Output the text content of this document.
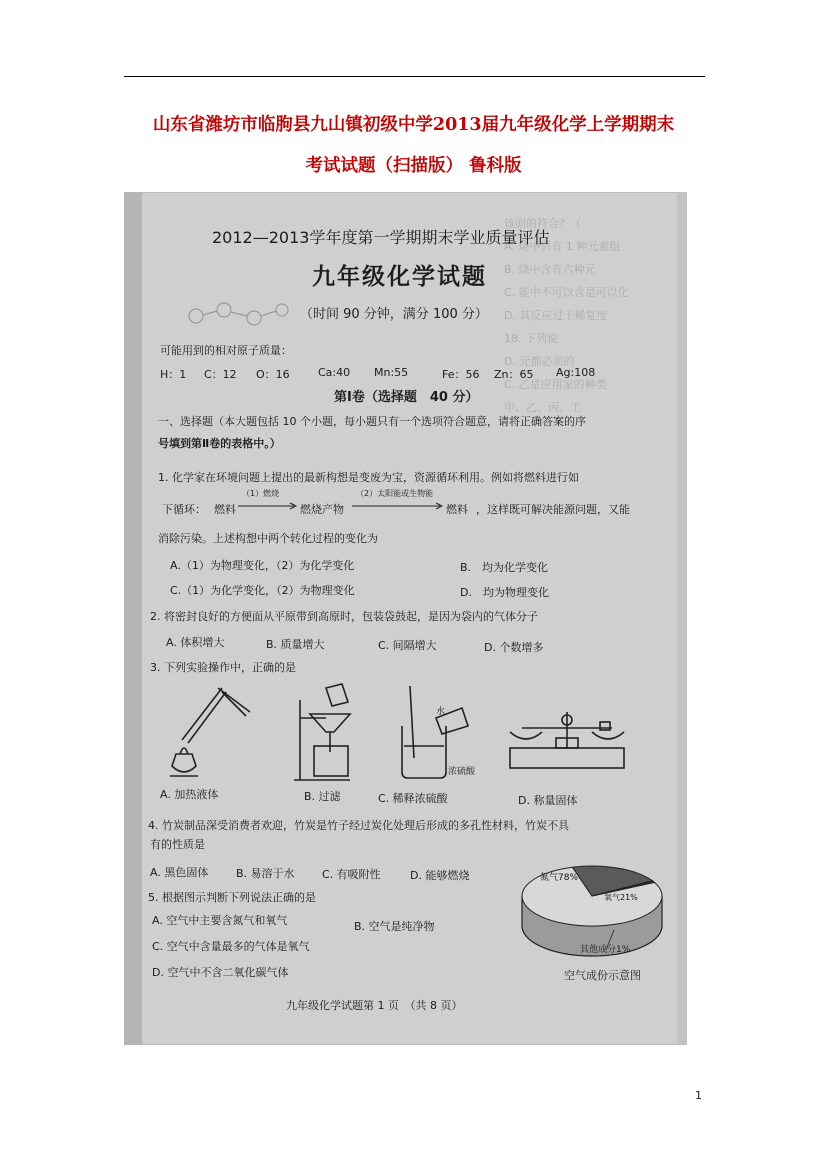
山东省潍坊市临朐县九山镇初级中学2013届九年级化学上学期期末
考试试题（扫描版） 鲁科版
该面的符合？（
A. 烧中只有 1 种元素组
B. 烧中含有六种元
C. 能中不可以含是可以化
D. 其反应过于稀复度
18. 下列说
D. 元都必须的
C. 乙是应用家的种类
甲、乙、丙、工
2012—2013学年度第一学期期末学业质量评估
九年级化学试题
（时间 90 分钟，满分 100 分）
可能用到的相对原子质量：
H：1 C：12 O：16	Ca:40 Mn:55	Fe：56 Zn：65 Ag:108
第Ⅰ卷（选择题　40 分）
一、选择题（本大题包括 10 个小题，每小题只有一个选项符合题意，请将正确答案的序
号填到第Ⅱ卷的表格中。）
1. 化学家在环境问题上提出的最新构想是变废为宝，资源循环利用。例如将燃料进行如
下循环： 燃料
（1）燃烧
燃烧产物
（2）太阳能或生物能
燃料 ，这样既可解决能源问题，又能
消除污染。上述构想中两个转化过程的变化为
A.（1）为物理变化，（2）为化学变化	B.　均为化学变化
C.（1）为化学变化，（2）为物理变化	D.　均为物理变化
2. 将密封良好的方便面从平原带到高原时，包装袋鼓起，是因为袋内的气体分子
A. 体积增大	B. 质量增大	C. 间隔增大	D. 个数增多
3. 下列实验操作中，正确的是
水
浓硫酸
A. 加热液体	B. 过滤	C. 稀释浓硫酸	D. 称量固体
4. 竹炭制品深受消费者欢迎，竹炭是竹子经过炭化处理后形成的多孔性材料，竹炭不具
有的性质是
A. 黑色固体	B. 易溶于水 C. 有吸附性	D. 能够燃烧
5. 根据图示判断下列说法正确的是
A. 空气中主要含氮气和氧气	B. 空气是纯净物
C. 空气中含量最多的气体是氧气
D. 空气中不含二氧化碳气体
氮气78%
氧气21%
其他成分1%
空气成份示意图
九年级化学试题第 1 页　（共 8 页）
1
